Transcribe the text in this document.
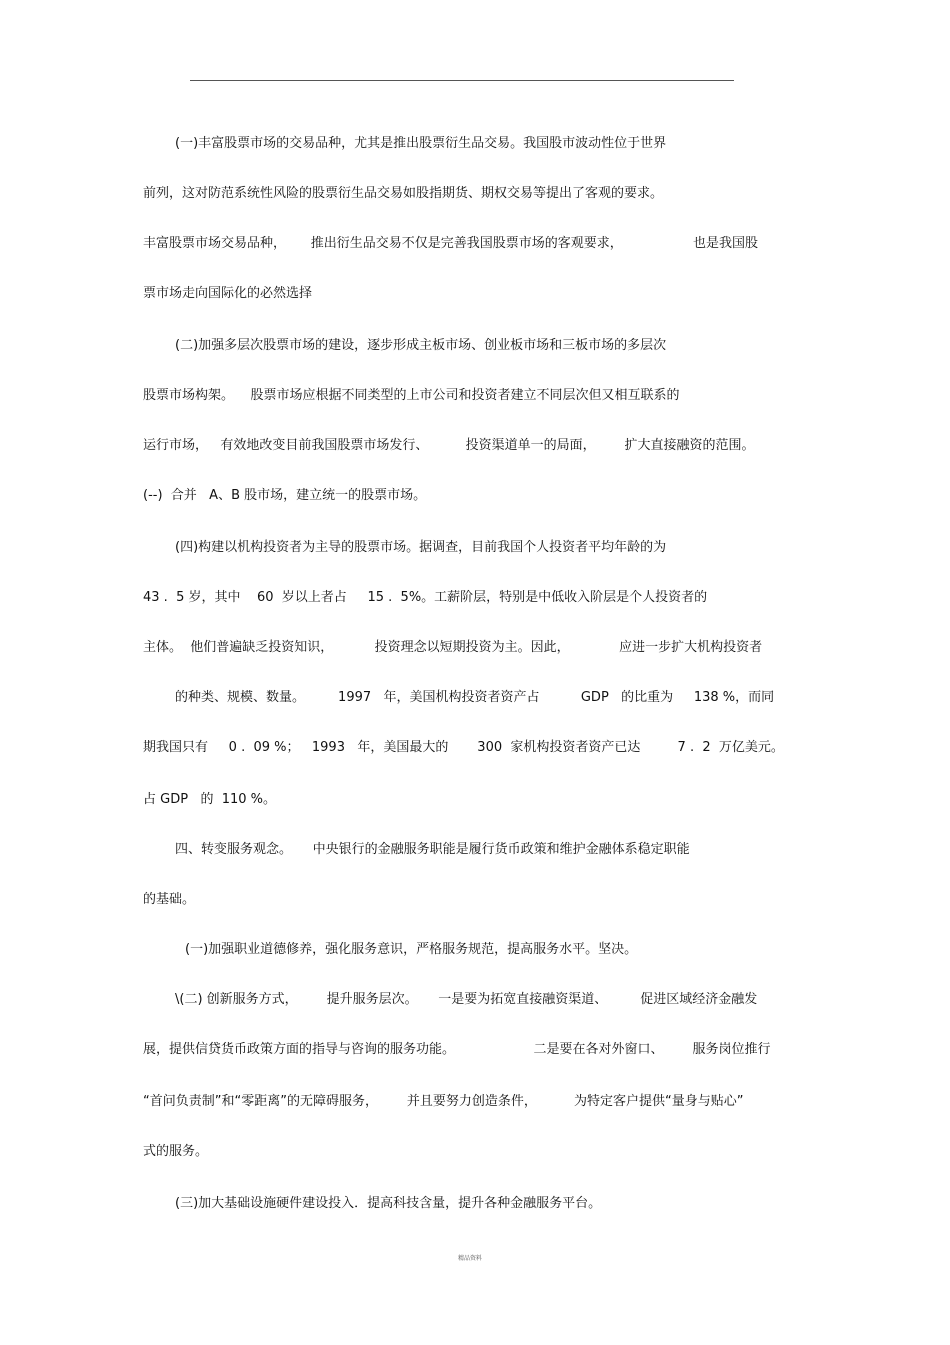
(一)丰富股票市场的交易品种，尤其是推出股票衍生品交易。我国股市波动性位于世界
前列，这对防范系统性风险的股票衍生品交易如股指期货、期权交易等提出了客观的要求。
丰富股票市场交易品种，      推出衍生品交易不仅是完善我国股票市场的客观要求，                 也是我国股
票市场走向国际化的必然选择
(二)加强多层次股票市场的建设，逐步形成主板市场、创业板市场和三板市场的多层次
股票市场构架。    股票市场应根据不同类型的上市公司和投资者建立不同层次但又相互联系的
运行市场，   有效地改变目前我国股票市场发行、         投资渠道单一的局面，       扩大直接融资的范围。
(--)  合并   A、B 股市场，建立统一的股票市场。
(四)构建以机构投资者为主导的股票市场。据调查，目前我国个人投资者平均年龄的为
43 .  5 岁，其中    60  岁以上者占     15 .  5%。工薪阶层，特别是中低收入阶层是个人投资者的
主体。  他们普遍缺乏投资知识，          投资理念以短期投资为主。因此，            应进一步扩大机构投资者
的种类、规模、数量。        1997   年，美国机构投资者资产占          GDP   的比重为     138 %，而同
期我国只有     0 .  09 %；   1993   年，美国最大的       300  家机构投资者资产已达         7 .  2  万亿美元。
占 GDP   的  110 %。
四、转变服务观念。     中央银行的金融服务职能是履行货币政策和维护金融体系稳定职能
的基础。
(一)加强职业道德修养，强化服务意识，严格服务规范，提高服务水平。坚决。
\(二) 创新服务方式，       提升服务层次。     一是要为拓宽直接融资渠道、        促进区域经济金融发
展，提供信贷货币政策方面的指导与咨询的服务功能。                   二是要在各对外窗口、       服务岗位推行
“首问负责制”和“零距离”的无障碍服务，       并且要努力创造条件，         为特定客户提供“量身与贴心”
式的服务。
(三)加大基础设施硬件建设投入．提高科技含量，提升各种金融服务平台。
精品资料
